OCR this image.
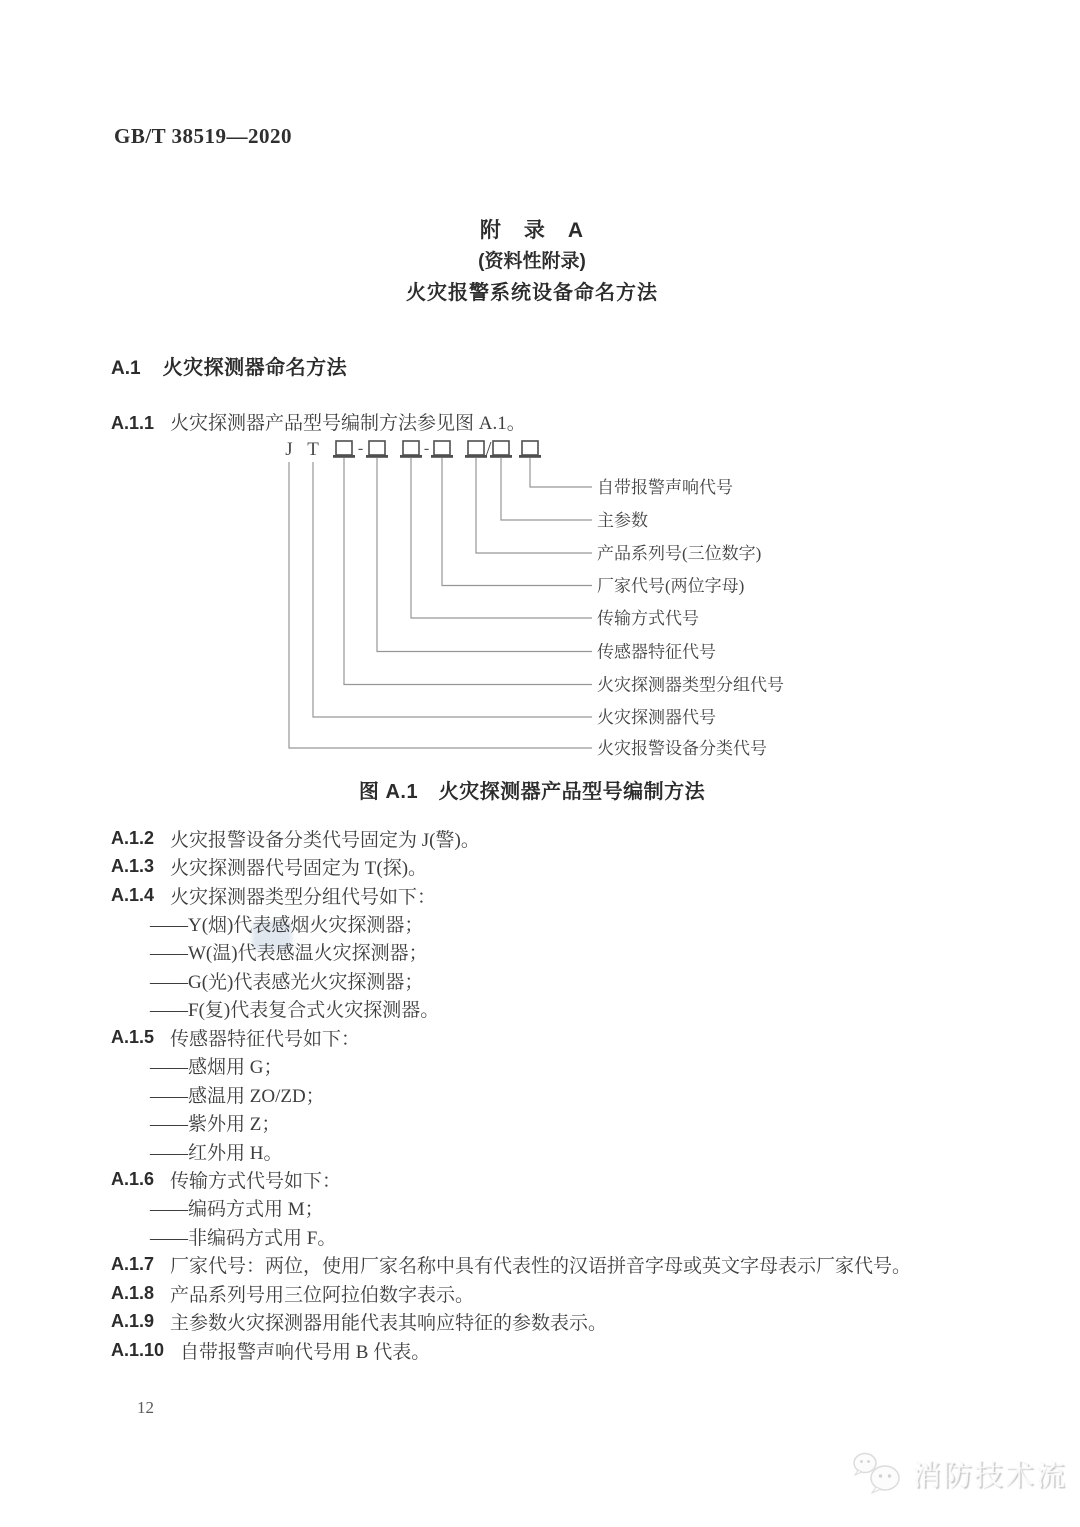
GB/T 38519—2020
附　录　A
(资料性附录)
火灾报警系统设备命名方法
A.1 火灾探测器命名方法
A.1.1 火灾探测器产品型号编制方法参见图 A.1。
J T -	-	/
自带报警声响代号
主参数
产品系列号(三位数字)
厂家代号(两位字母)
传输方式代号
传感器特征代号
火灾探测器类型分组代号
火灾探测器代号
火灾报警设备分类代号
图 A.1　火灾探测器产品型号编制方法
A.1.2 火灾报警设备分类代号固定为 J(警)。
A.1.3 火灾探测器代号固定为 T(探)。
A.1.4 火灾探测器类型分组代号如下：
——Y(烟)代表感烟火灾探测器；
——W(温)代表感温火灾探测器；
——G(光)代表感光火灾探测器；
——F(复)代表复合式火灾探测器。
A.1.5 传感器特征代号如下：
——感烟用 G；
——感温用 ZO/ZD；
——紫外用 Z；
——红外用 H。
A.1.6 传输方式代号如下：
——编码方式用 M；
——非编码方式用 F。
A.1.7 厂家代号：两位，使用厂家名称中具有代表性的汉语拼音字母或英文字母表示厂家代号。
A.1.8 产品系列号用三位阿拉伯数字表示。
A.1.9 主参数火灾探测器用能代表其响应特征的参数表示。
A.1.10 自带报警声响代号用 B 代表。
12
消防技术流
